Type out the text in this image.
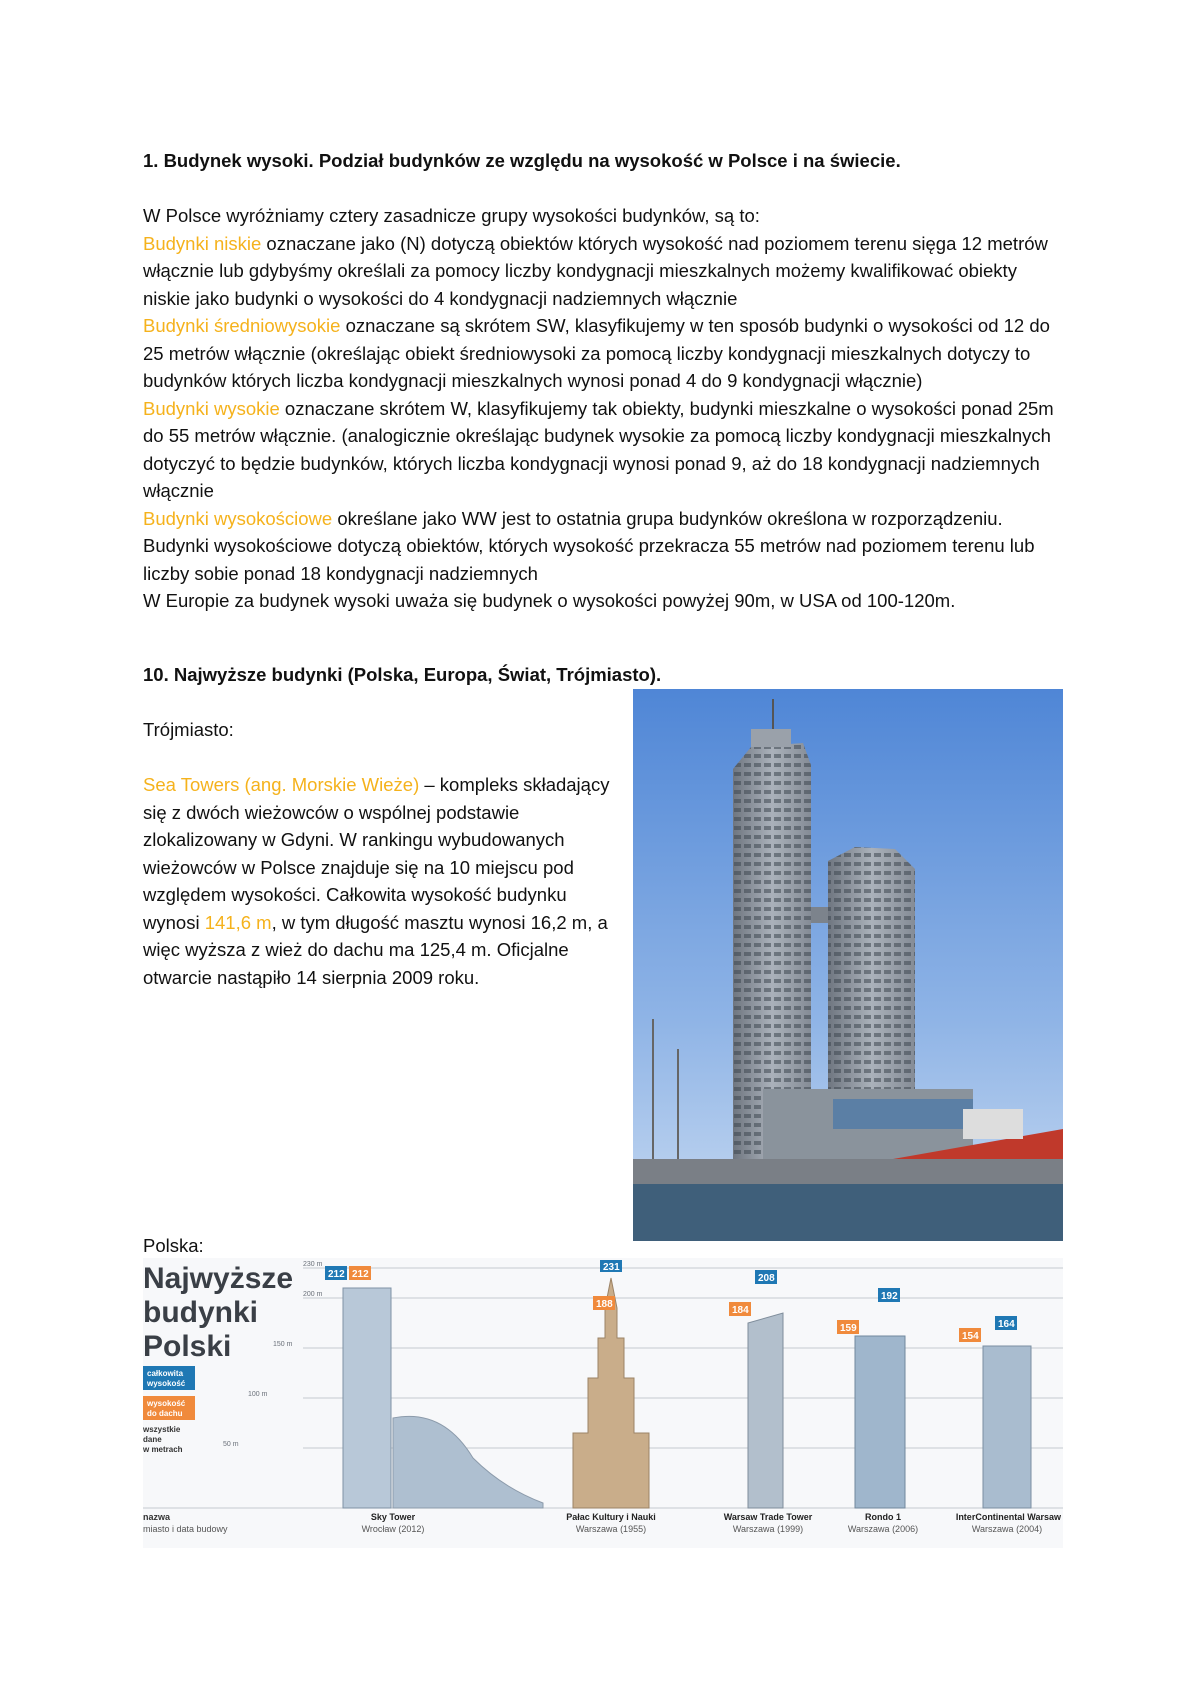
1. Budynek wysoki. Podział budynków ze względu na wysokość w Polsce i na świecie.

W Polsce wyróżniamy cztery zasadnicze grupy wysokości budynków, są to:

Budynki niskie oznaczane jako (N) dotyczą obiektów których wysokość nad poziomem terenu sięga 12 metrów włącznie lub gdybyśmy określali za pomocy liczby kondygnacji mieszkalnych możemy kwalifikować obiekty niskie jako budynki o wysokości do 4 kondygnacji nadziemnych włącznie

Budynki średniowysokie oznaczane są skrótem SW, klasyfikujemy w ten sposób budynki o wysokości od 12 do 25 metrów włącznie (określając obiekt średniowysoki za pomocą liczby kondygnacji mieszkalnych dotyczy to budynków których liczba kondygnacji mieszkalnych wynosi ponad 4 do 9 kondygnacji włącznie)

Budynki wysokie oznaczane skrótem W, klasyfikujemy tak obiekty, budynki mieszkalne o wysokości ponad 25m do 55 metrów włącznie. (analogicznie określając budynek wysokie za pomocą liczby kondygnacji mieszkalnych dotyczyć to będzie budynków, których liczba kondygnacji wynosi ponad 9, aż do 18 kondygnacji nadziemnych włącznie

Budynki wysokościowe określane jako WW jest to ostatnia grupa budynków określona w rozporządzeniu. Budynki wysokościowe dotyczą obiektów, których wysokość przekracza 55 metrów nad poziomem terenu lub liczby sobie ponad 18 kondygnacji nadziemnych

W Europie za budynek wysoki uważa się budynek o wysokości powyżej 90m, w USA od 100-120m.

10. Najwyższe budynki (Polska, Europa, Świat, Trójmiasto).

Trójmiasto:

Sea Towers (ang. Morskie Wieże) – kompleks składający się z dwóch wieżowców o wspólnej podstawie zlokalizowany w Gdyni. W rankingu wybudowanych wieżowców w Polsce znajduje się na 10 miejscu pod względem wysokości. Całkowita wysokość budynku wynosi 141,6 m, w tym długość masztu wynosi 16,2 m, a więc wyższa z wież do dachu ma 125,4 m. Oficjalne otwarcie nastąpiło 14 sierpnia 2009 roku.

Polska:

230 m
200 m
150 m
100 m
50 m
Najwyższe
budynki
Polski
całkowita
wysokość
wysokość
do dachu
wszystkie
dane
w metrach
nazwa
miasto i data budowy
212 212
Sky Tower
Wrocław (2012)
231
188
Pałac Kultury i Nauki
Warszawa (1955)
208
184
Warsaw Trade Tower
Warszawa (1999)
192
159
Rondo 1
Warszawa (2006)
164
154
InterContinental Warsaw
Warszawa (2004)
